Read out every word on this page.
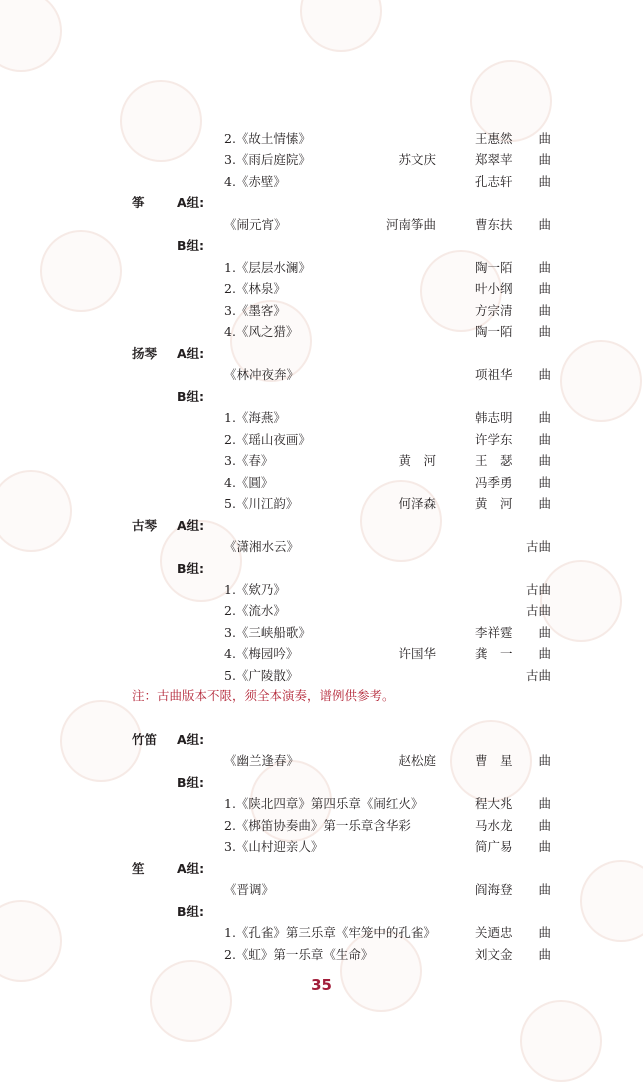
2.《故土情愫》	王惠然 曲
3.《雨后庭院》	苏文庆	郑翠苹 曲
4.《赤壁》	孔志轩 曲
筝	A组:
《闹元宵》	河南筝曲	曹东扶 曲
B组:
1.《层层水澜》	陶一陌 曲
2.《林泉》	叶小纲 曲
3.《墨客》	方宗清 曲
4.《风之猎》	陶一陌 曲
扬琴 A组:
《林冲夜奔》	项祖华 曲
B组:
1.《海燕》	韩志明 曲
2.《瑶山夜画》	许学东 曲
3.《春》	黄　河	王　瑟 曲
4.《圓》	冯季勇 曲
5.《川江韵》	何泽森	黄　河 曲
古琴 A组:
《潇湘水云》	古曲
B组:
1.《欸乃》	古曲
2.《流水》	古曲
3.《三峡船歌》	李祥霆 曲
4.《梅园吟》	许国华	龚　一 曲
5.《广陵散》	古曲
竹笛 A组:
《幽兰逢春》	赵松庭	曹　星 曲
B组:
1.《陕北四章》第四乐章《闹红火》	程大兆 曲
2.《梆笛协奏曲》第一乐章含华彩	马水龙 曲
3.《山村迎亲人》	简广易 曲
笙	A组:
《晋调》	阎海登 曲
B组:
1.《孔雀》第三乐章《牢笼中的孔雀》	关迺忠 曲
2.《虹》第一乐章《生命》	刘文金 曲
注：古曲版本不限，须全本演奏，谱例供参考。
35
